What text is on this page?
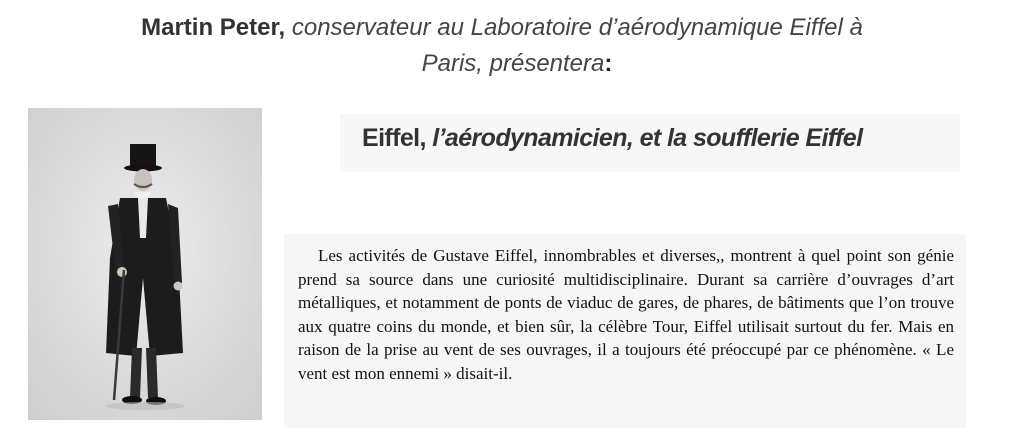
Martin Peter, conservateur au Laboratoire d’aérodynamique Eiffel à
Paris, présentera:
Eiffel, l’aérodynamicien, et la soufflerie Eiffel

Les activités de Gustave Eiffel, innombrables et diverses,, montrent à quel point son génie prend sa source dans une curiosité multidisciplinaire. Durant sa carrière d’ouvrages d’art métalliques, et notamment de ponts de viaduc de gares, de phares, de bâtiments que l’on trouve aux quatre coins du monde, et bien sûr, la célèbre Tour, Eiffel utilisait surtout du fer. Mais en raison de la prise au vent de ses ouvrages, il a toujours été préoccupé par ce phénomène. « Le vent est mon ennemi » disait-il.
